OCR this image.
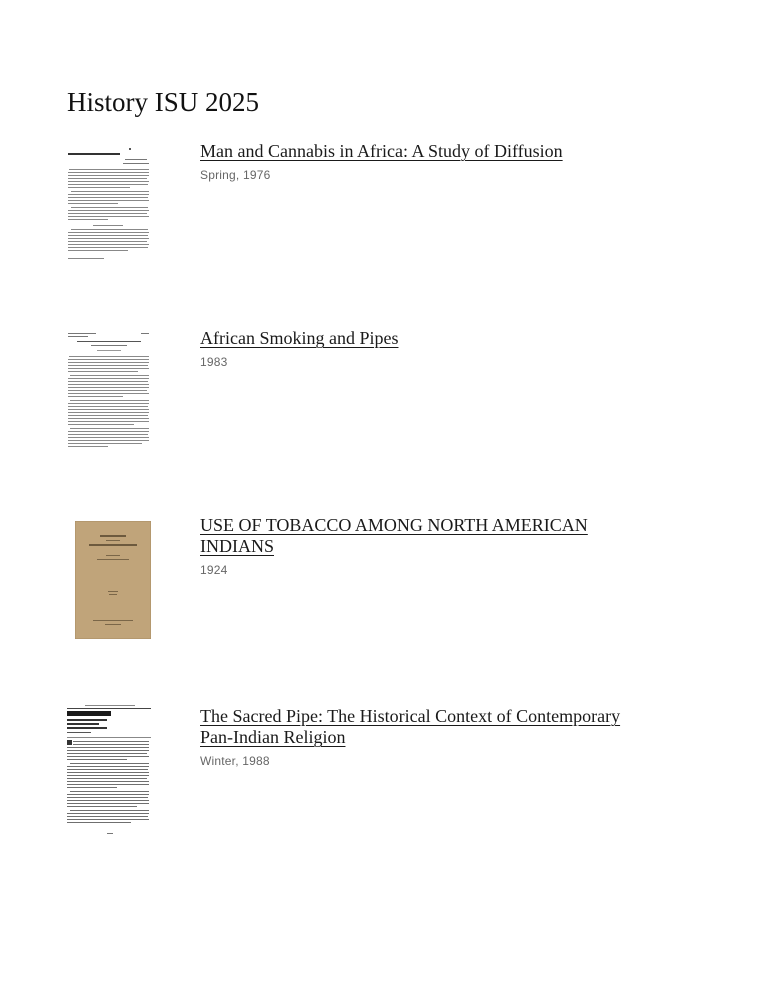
History ISU 2025
Man and Cannabis in Africa: A Study of Diffusion
Spring, 1976
African Smoking and Pipes
1983
USE OF TOBACCO AMONG NORTH AMERICAN INDIANS
1924
The Sacred Pipe: The Historical Context of Contemporary Pan-Indian Religion
Winter, 1988
